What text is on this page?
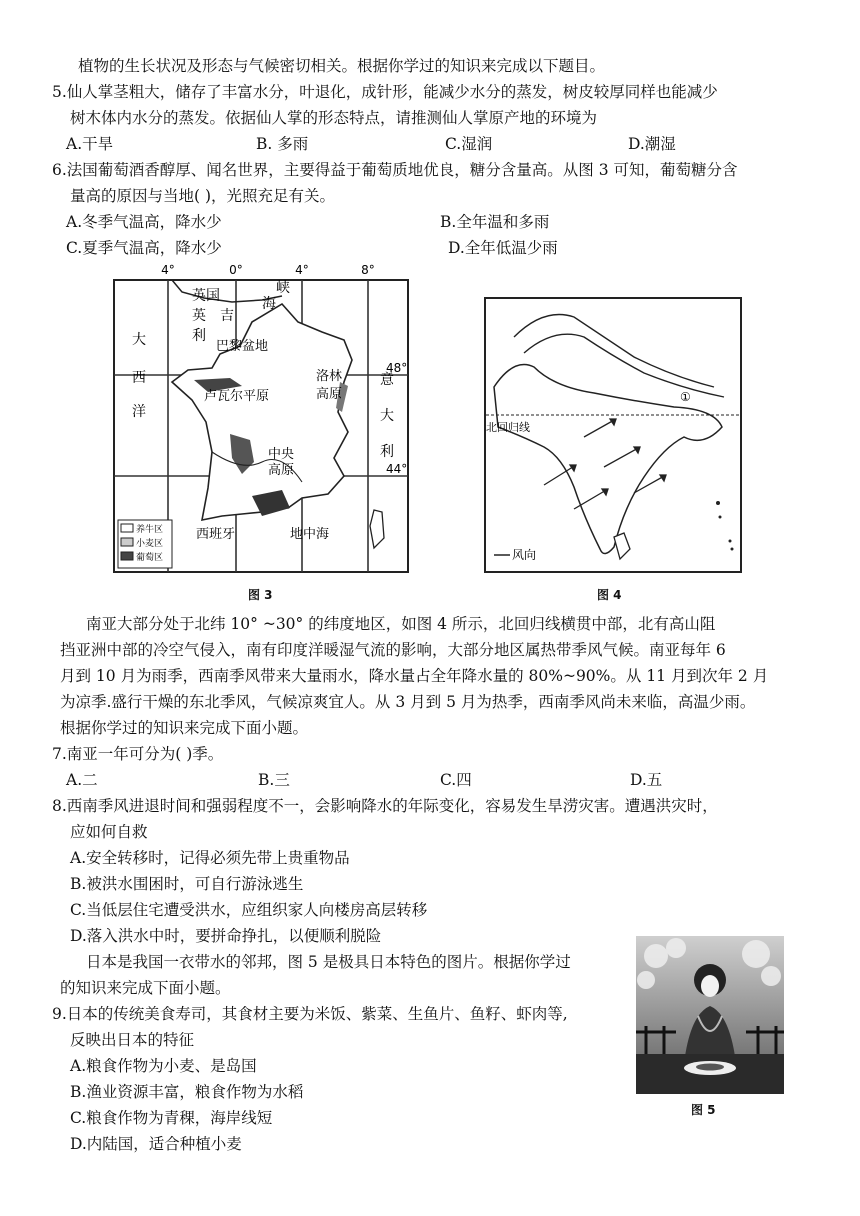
植物的生长状况及形态与气候密切相关。根据你学过的知识来完成以下题目。
5.仙人掌茎粗大，储存了丰富水分，叶退化，成针形，能减少水分的蒸发，树皮较厚同样也能减少
树木体内水分的蒸发。依据仙人掌的形态特点，请推测仙人掌原产地的环境为
A.干旱	B. 多雨	C.湿润	D.潮湿
6.法国葡萄酒香醇厚、闻名世界，主要得益于葡萄质地优良，糖分含量高。从图 3 可知，葡萄糖分含
量高的原因与当地( )，光照充足有关。
A.冬季气温高，降水少	B.全年温和多雨
C.夏季气温高，降水少	D.全年低温少雨
4°	0°	4°	8°
48°
44°
英国
英 吉
利
海
峡
巴黎盆地
大
西
洋
卢瓦尔平原
洛林
高原
意
大
利
中央
高原
西班牙	地中海
养牛区
小麦区
葡萄区
图 3
北回归线
①
风向
图 4
南亚大部分处于北纬 10° ~30° 的纬度地区，如图 4 所示，北回归线横贯中部，北有高山阻
挡亚洲中部的冷空气侵入，南有印度洋暖湿气流的影响，大部分地区属热带季风气候。南亚每年 6
月到 10 月为雨季，西南季风带来大量雨水，降水量占全年降水量的 80%~90%。从 11 月到次年 2 月
为凉季.盛行干燥的东北季风，气候凉爽宜人。从 3 月到 5 月为热季，西南季风尚未来临，高温少雨。
根据你学过的知识来完成下面小题。
7.南亚一年可分为( )季。
A.二	B.三	C.四	D.五
8.西南季风进退时间和强弱程度不一，会影响降水的年际变化，容易发生旱涝灾害。遭遇洪灾时，
应如何自救
A.安全转移时，记得必须先带上贵重物品
B.被洪水围困时，可自行游泳逃生
C.当低层住宅遭受洪水，应组织家人向楼房高层转移
D.落入洪水中时，要拼命挣扎，以便顺利脱险
日本是我国一衣带水的邻邦，图 5 是极具日本特色的图片。根据你学过
的知识来完成下面小题。
9.日本的传统美食寿司，其食材主要为米饭、紫菜、生鱼片、鱼籽、虾肉等,
反映出日本的特征
A.粮食作物为小麦、是岛国
B.渔业资源丰富，粮食作物为水稻
C.粮食作物为青稞，海岸线短
D.内陆国，适合种植小麦
图 5
